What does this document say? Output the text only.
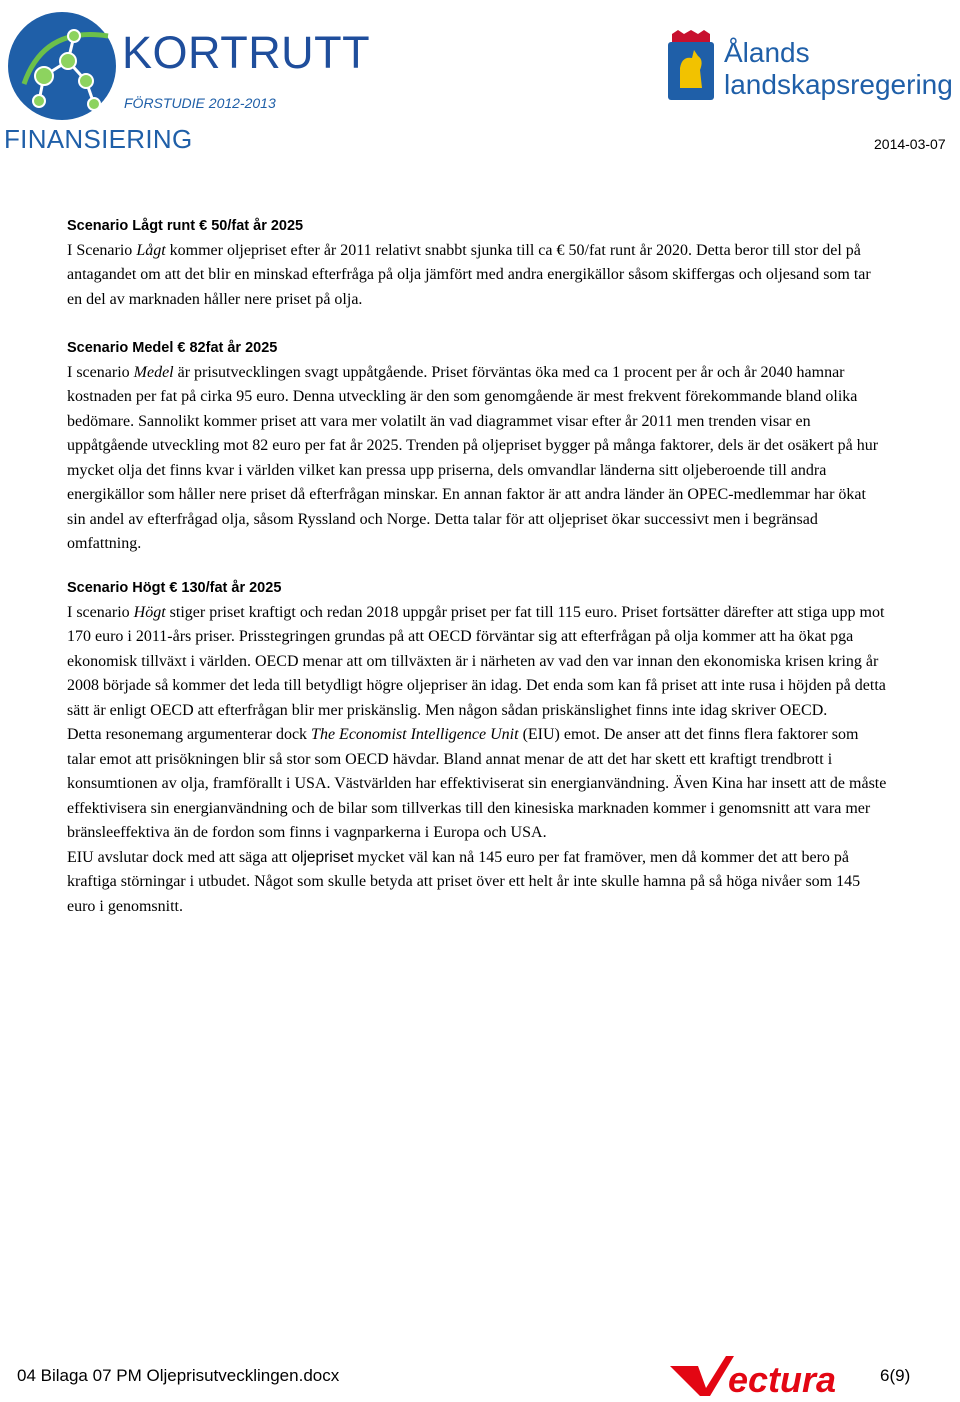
KORTRUTT
FÖRSTUDIE 2012-2013
Ålands
landskapsregering
FINANSIERING	2014-03-07

Scenario Lågt runt € 50/fat år 2025

I Scenario Lågt kommer oljepriset efter år 2011 relativt snabbt sjunka till ca € 50/fat runt år 2020. Detta beror till stor del på antagandet om att det blir en minskad efterfråga på olja jämfört med andra energikällor såsom skiffergas och oljesand som tar en del av marknaden håller nere priset på olja.

Scenario Medel € 82fat år 2025

I scenario Medel är prisutvecklingen svagt uppåtgående. Priset förväntas öka med ca 1 procent per år och år 2040 hamnar kostnaden per fat på cirka 95 euro. Denna utveckling är den som genomgående är mest frekvent förekommande bland olika bedömare. Sannolikt kommer priset att vara mer volatilt än vad diagrammet visar efter år 2011 men trenden visar en uppåtgående utveckling mot 82 euro per fat år 2025. Trenden på oljepriset bygger på många faktorer, dels är det osäkert på hur mycket olja det finns kvar i världen vilket kan pressa upp priserna, dels omvandlar länderna sitt oljeberoende till andra energikällor som håller nere priset då efterfrågan minskar. En annan faktor är att andra länder än OPEC-medlemmar har ökat sin andel av efterfrågad olja, såsom Ryssland och Norge. Detta talar för att oljepriset ökar successivt men i begränsad omfattning.

Scenario Högt € 130/fat år 2025

I scenario Högt stiger priset kraftigt och redan 2018 uppgår priset per fat till 115 euro. Priset fortsätter därefter att stiga upp mot 170 euro i 2011-års priser. Prisstegringen grundas på att OECD förväntar sig att efterfrågan på olja kommer att ha ökat pga ekonomisk tillväxt i världen. OECD menar att om tillväxten är i närheten av vad den var innan den ekonomiska krisen kring år 2008 började så kommer det leda till betydligt högre oljepriser än idag. Det enda som kan få priset att inte rusa i höjden på detta sätt är enligt OECD att efterfrågan blir mer priskänslig. Men någon sådan priskänslighet finns inte idag skriver OECD.

Detta resonemang argumenterar dock The Economist Intelligence Unit (EIU) emot. De anser att det finns flera faktorer som talar emot att prisökningen blir så stor som OECD hävdar. Bland annat menar de att det har skett ett kraftigt trendbrott i konsumtionen av olja, framförallt i USA. Västvärlden har effektiviserat sin energianvändning. Även Kina har insett att de måste effektivisera sin energianvändning och de bilar som tillverkas till den kinesiska marknaden kommer i genomsnitt att vara mer bränsleeffektiva än de fordon som finns i vagnparkerna i Europa och USA.

EIU avslutar dock med att säga att oljepriset mycket väl kan nå 145 euro per fat framöver, men då kommer det att bero på kraftiga störningar i utbudet. Något som skulle betyda att priset över ett helt år inte skulle hamna på så höga nivåer som 145 euro i genomsnitt.

04 Bilaga 07 PM Oljeprisutvecklingen.docx	ectura	6(9)
